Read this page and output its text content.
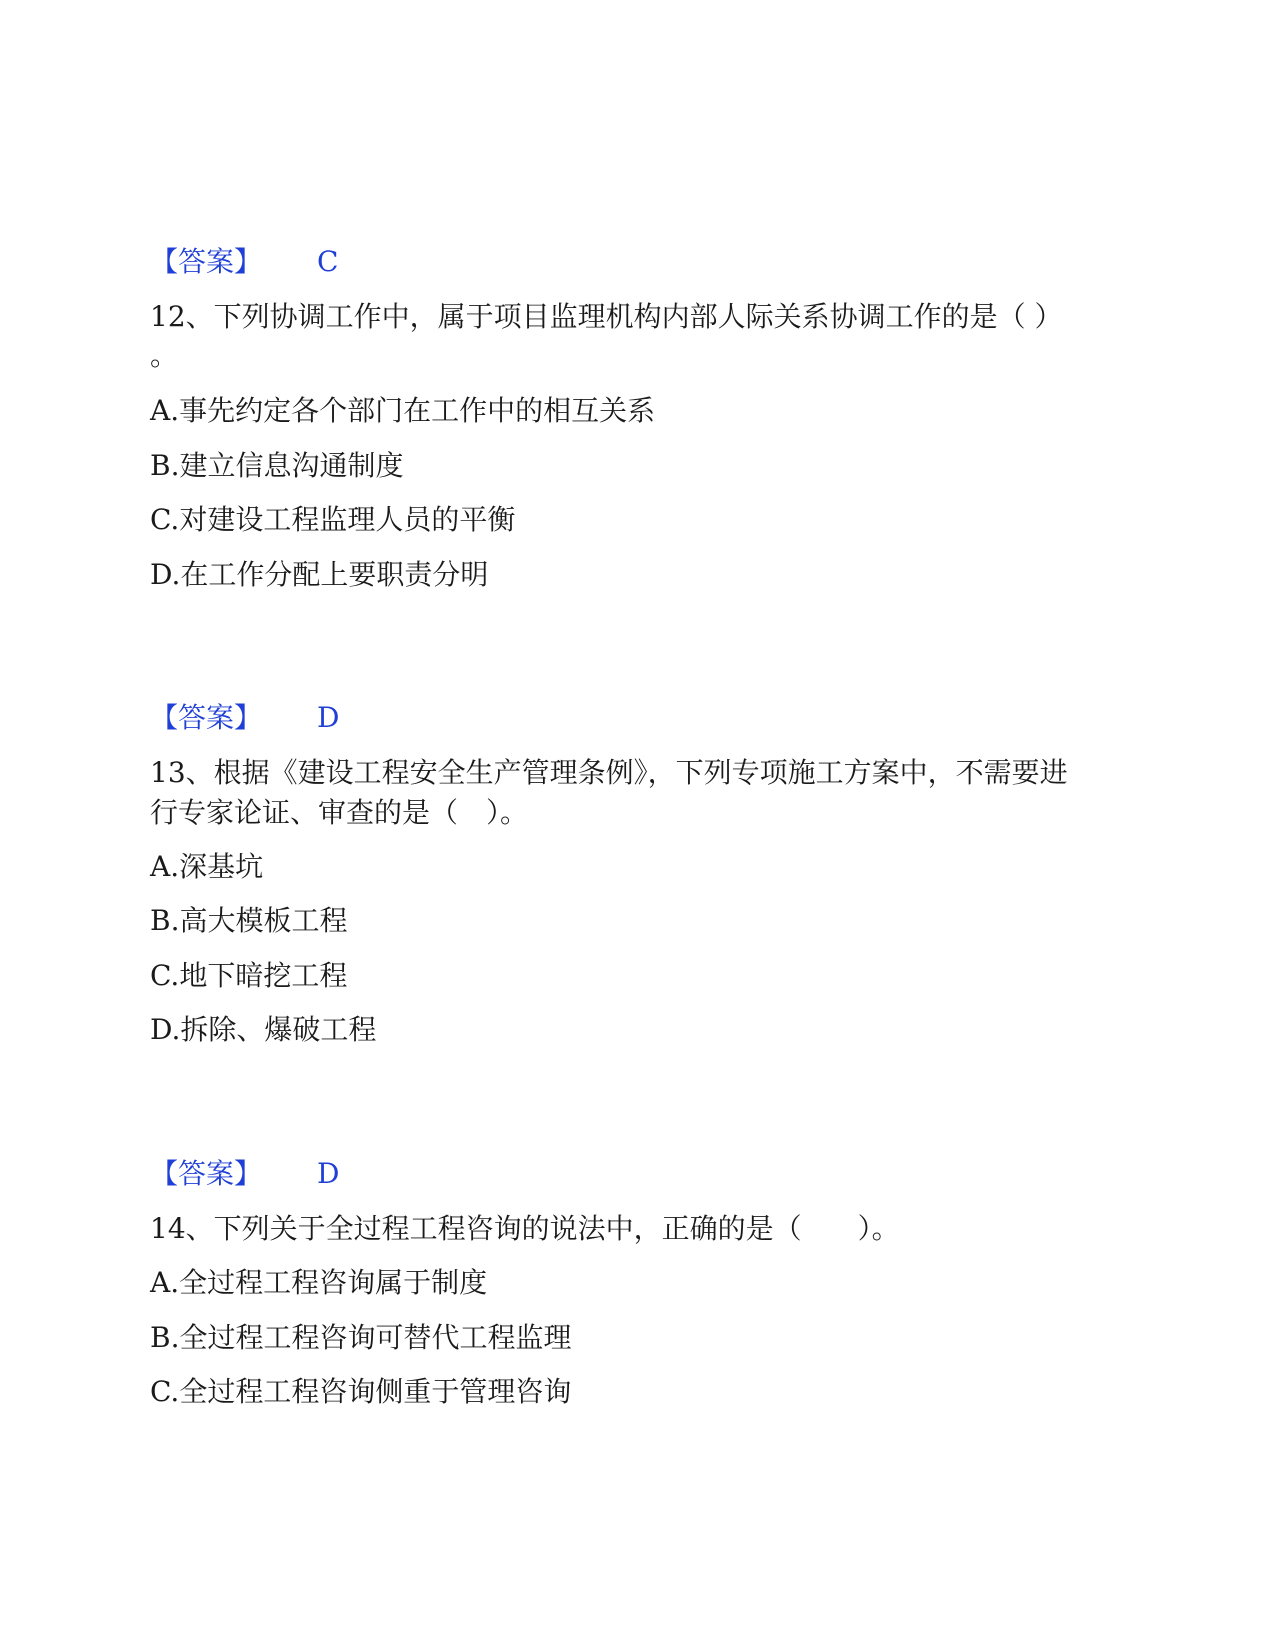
【答案】 C
12、下列协调工作中，属于项目监理机构内部人际关系协调工作的是（ ）
。
A.事先约定各个部门在工作中的相互关系
B.建立信息沟通制度
C.对建设工程监理人员的平衡
D.在工作分配上要职责分明
【答案】 D
13、根据《建设工程安全生产管理条例》，下列专项施工方案中，不需要进
行专家论证、审查的是（　）。
A.深基坑
B.高大模板工程
C.地下暗挖工程
D.拆除、爆破工程
【答案】 D
14、下列关于全过程工程咨询的说法中，正确的是（　　）。
A.全过程工程咨询属于制度
B.全过程工程咨询可替代工程监理
C.全过程工程咨询侧重于管理咨询
